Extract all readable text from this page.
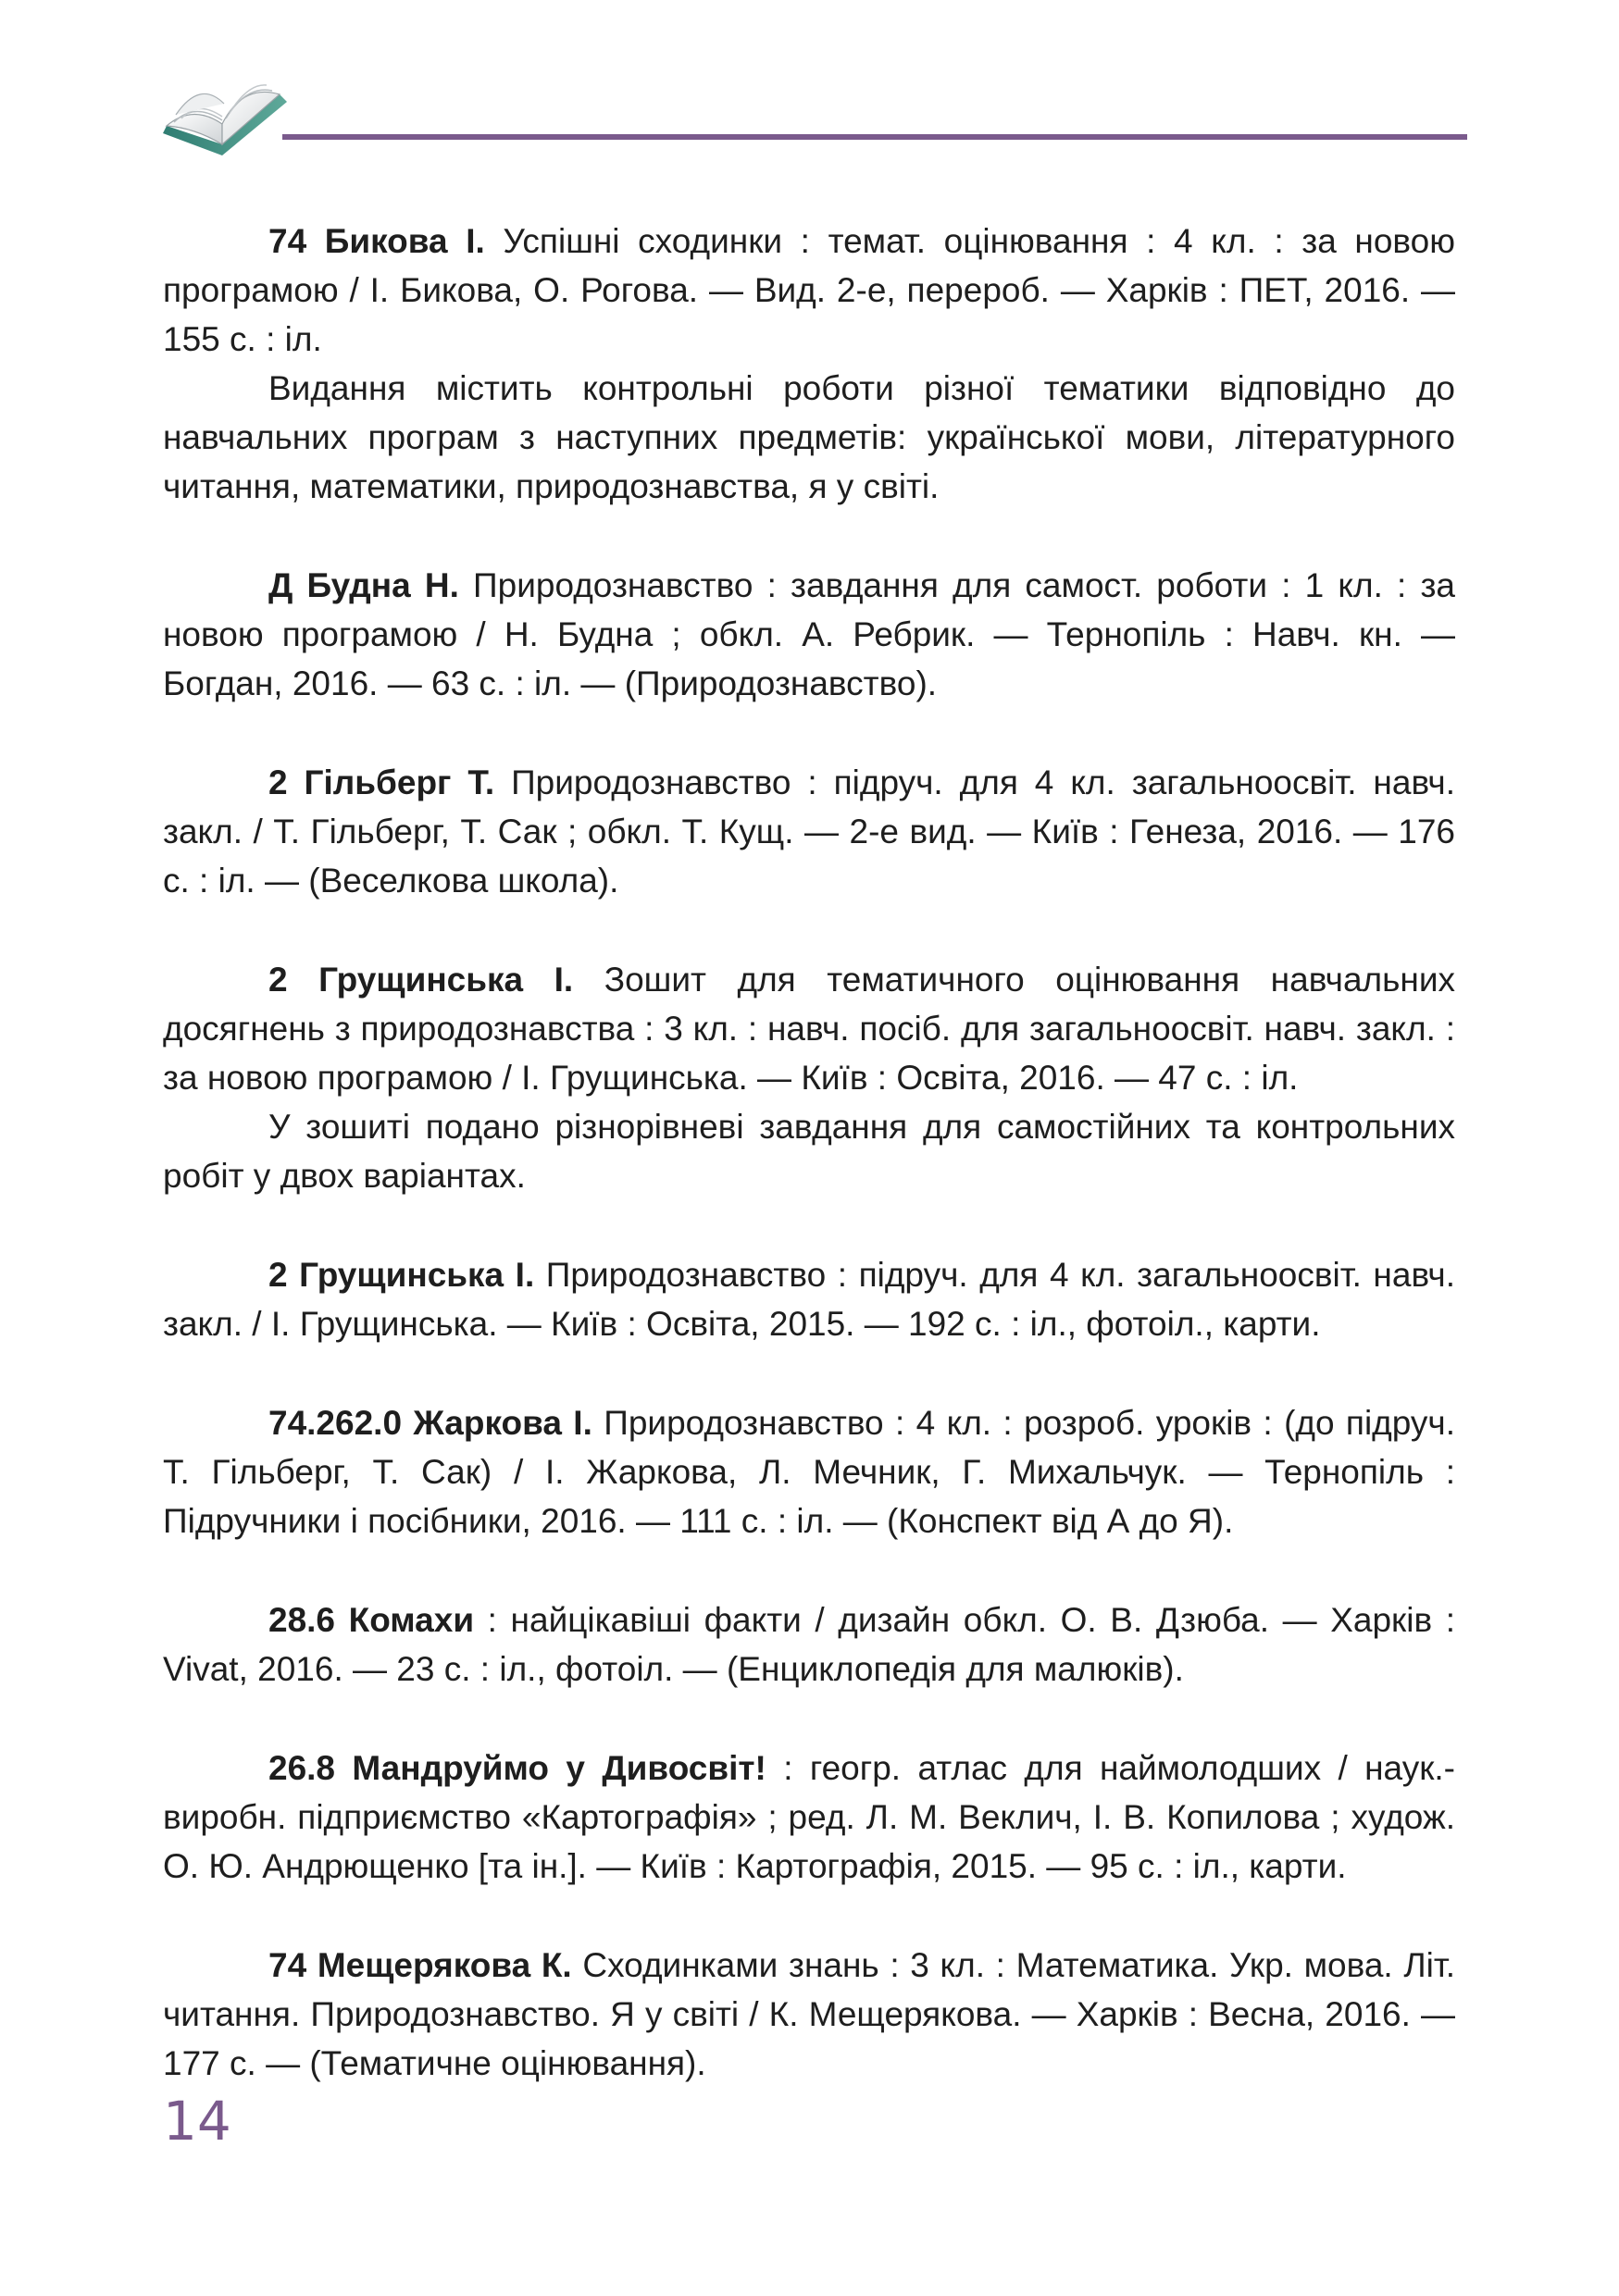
74 Бикова І. Успішні сходинки : темат. оцінювання : 4 кл. : за новою програмою / І. Бикова, О. Рогова. — Вид. 2-е, перероб. — Харків : ПЕТ, 2016. — 155 с. : іл.

Видання містить контрольні роботи різної тематики відповідно до навчальних програм з наступних предметів: української мови, літературного читання, математики, природознавства, я у світі.

Д Будна Н. Природознавство : завдання для самост. роботи : 1 кл. : за новою програмою / Н. Будна ; обкл. А. Ребрик. — Тернопіль : Навч. кн. — Богдан, 2016. — 63 с. : іл. — (Природознавство).

2 Гільберг Т. Природознавство : підруч. для 4 кл. загальноосвіт. навч. закл. / Т. Гільберг, Т. Сак ; обкл. Т. Кущ. — 2-е вид. — Київ : Генеза, 2016. — 176 с. : іл. — (Веселкова школа).

2 Грущинська І. Зошит для тематичного оцінювання навчальних досягнень з природознавства : 3 кл. : навч. посіб. для загальноосвіт. навч. закл. : за новою програмою / І. Грущинська. — Київ : Освіта, 2016. — 47 с. : іл.

У зошиті подано різнорівневі завдання для самостійних та контрольних робіт у двох варіантах.

2 Грущинська І. Природознавство : підруч. для 4 кл. загальноосвіт. навч. закл. / І. Грущинська. — Київ : Освіта, 2015. — 192 с. : іл., фотоіл., карти.

74.262.0 Жаркова І. Природознавство : 4 кл. : розроб. уроків : (до підруч. Т. Гільберг, Т. Сак) / І. Жаркова, Л. Мечник, Г. Михальчук. — Тернопіль : Підручники і посібники, 2016. — 111 с. : іл. — (Конспект від А до Я).

28.6 Комахи : найцікавіші факти / дизайн обкл. О. В. Дзюба. — Харків : Vivat, 2016. — 23 с. : іл., фотоіл. — (Енциклопедія для малюків).

26.8 Мандруймо у Дивосвіт! : геогр. атлас для наймолодших / наук.-виробн. підприємство «Картографія» ; ред. Л. М. Веклич, І. В. Копилова ; худож. О. Ю. Андрющенко [та ін.]. — Київ : Картографія, 2015. — 95 с. : іл., карти.

74 Мещерякова К. Сходинками знань : 3 кл. : Математика. Укр. мова. Літ. читання. Природознавство. Я у світі / К. Мещерякова. — Харків : Весна, 2016. — 177 с. — (Тематичне оцінювання).

14
